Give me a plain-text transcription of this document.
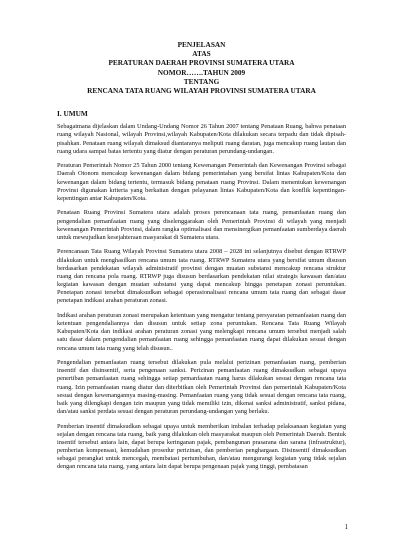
PENJELASAN
ATAS
PERATURAN DAERAH PROVINSI SUMATERA UTARA
NOMOR…….TAHUN 2009
TENTANG
RENCANA TATA RUANG WILAYAH PROVINSI SUMATERA UTARA
I. UMUM

Sebagaimana dijelaskan dalam Undang-Undang Nomor 26 Tahun 2007 tentang Penataan Ruang, bahwa penataan ruang wilayah Nasional, wilayah Provinsi,wilayah Kabupaten/Kota dilakukan secara terpadu dan tidak dipisah-pisahkan. Penataan ruang wilayah dimaksud diantaranya meliputi ruang daratan, juga mencakup ruang lautan dan ruang udara sampai batas tertentu yang diatur dengan peraturan perundang-undangan.

Peraturan Pemerintah Nomor 25 Tahun 2000 tentang Kewenangan Pemerintah dan Kewenangan Provinsi sebagai Daerah Otonom mencakup kewenangan dalam bidang pemerintahan yang bersifat lintas Kabupaten/Kota dan kewenangan dalam bidang tertentu, termasuk bidang penataan ruang Provinsi. Dalam menentukan kewenangan Provinsi digunakan kriteria yang berkaitan dengan pelayanan lintas Kabupaten/Kota dan konflik kepentingan-kepentingan antar Kabupaten/Kota.

Penataan Ruang Provinsi Sumatera utara adalah proses perencanaan tata ruang, pemanfaatan ruang dan pengendalian pemanfaatan ruang yang diselenggarakan oleh Pemerintah Provinsi di wilayah yang menjadi kewenangan Pemerintah Provinsi, dalam rangka optimalisasi dan mensinergikan pemanfaatan sumberdaya daerah untuk mewujudkan kesejahteraan masyarakat di Sumatera utara.

Perencanaan Tata Ruang Wilayah Provinsi Sumatera utara 2008 – 2028 ini selanjutnya disebut dengan RTRWP dilakukan untuk menghasilkan rencana umum tata ruang. RTRWP Sumatera utara yang bersifat umum disusun berdasarkan pendekatan wilayah administratif provinsi dengan muatan substansi mencakup rencana struktur ruang dan rencana pola ruang. RTRWP juga disusun berdasarkan pendekatan nilai strategis kawasan dan/atau kegiatan kawasan dengan muatan substansi yang dapat mencakup hingga penetapan zonasi peruntukan. Penetapan zonasi tersebut dimaksudkan sebagai operasionalisasi rencana umum tata ruang dan sebagai dasar penetapan indikasi arahan peraturan zonasi.

Indikasi arahan peraturan zonasi merupakan ketentuan yang mengatur tentang persyaratan pemanfaatan ruang dan ketentuan pengendaliannya dan disusun untuk setiap zona peruntukan. Rencana Tata Ruang Wilayah Kabupaten/Kota dan indikasi arahan peraturan zonasi yang melengkapi rencana umum tersebut menjadi salah satu dasar dalam pengendalian pemanfaatan ruang sehingga pemanfaatan ruang dapat dilakukan sesuai dengan rencana umum tata ruang yang telah disusun..

Pengendalian pemanfaatan ruang tersebut dilakukan pula melalui perizinan pemanfaatan ruang, pemberian insentif dan disinsentif, serta pengenaan sanksi. Perizinan pemanfaatan ruang dimaksudkan sebagai upaya penertiban pemanfaatan ruang sehingga setiap pemanfaatan ruang harus dilakukan sesuai dengan rencana tata ruang. Izin pemanfaatan ruang diatur dan diterbitkan oleh Pemerintah Provinsi dan pemerintah Kabupaten/Kota sesuai dengan kewenangannya masing-masing. Pemanfaatan ruang yang tidak sesuai dengan rencana tata ruang, baik yang dilengkapi dengan izin maupun yang tidak memiliki izin, dikenai sanksi administratif, sanksi pidana, dan/atau sanksi perdata sesuai dengan peraturan perundang-undangan yang berlaku.

Pemberian insentif dimaksudkan sebagai upaya untuk memberikan imbalan terhadap pelaksanaan kegiatan yang sejalan dengan rencana tata ruang, baik yang dilakukan oleh masyarakat maupun oleh Pemerintah Daerah. Bentuk insentif tersebut antara lain, dapat berupa keringanan pajak, pembangunan prasarana dan sarana (infrastruktur), pemberian kompensasi, kemudahan prosedur perizinan, dan pemberian penghargaan. Disinsentif dimaksudkan sebagai perangkat untuk mencegah, membatasi pertumbuhan, dan/atau mengurangi kegiatan yang tidak sejalan dengan rencana tata ruang, yang antara lain dapat berupa pengenaan pajak yang tinggi, pembatasan

1
